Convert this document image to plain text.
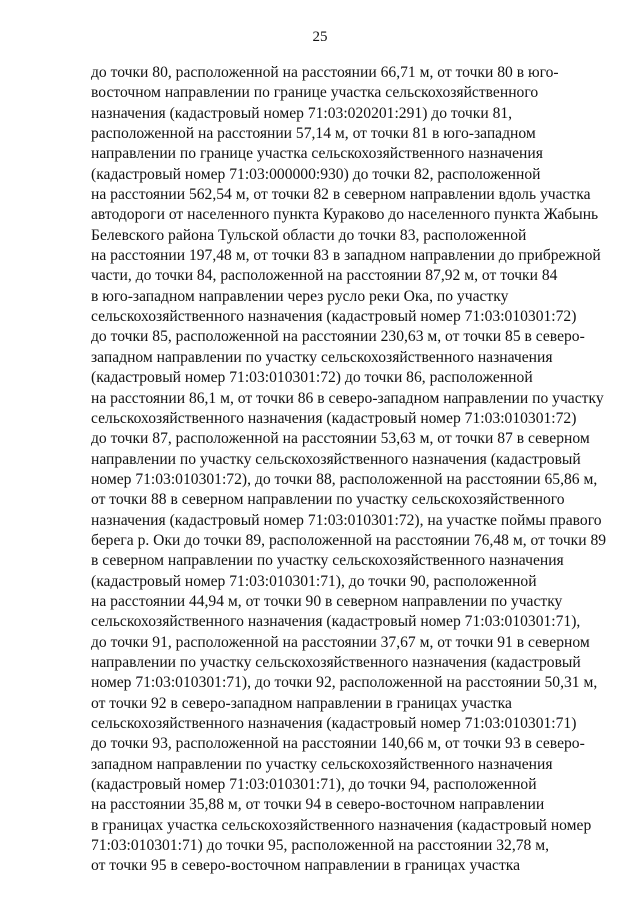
25
до точки 80, расположенной на расстоянии 66,71 м, от точки 80 в юго-
восточном направлении по границе участка сельскохозяйственного
назначения (кадастровый номер 71:03:020201:291) до точки 81,
расположенной на расстоянии 57,14 м, от точки 81 в юго-западном
направлении по границе участка сельскохозяйственного назначения
(кадастровый номер 71:03:000000:930) до точки 82, расположенной
на расстоянии 562,54 м, от точки 82 в северном направлении вдоль участка
автодороги от населенного пункта Кураково до населенного пункта Жабынь
Белевского района Тульской области до точки 83, расположенной
на расстоянии 197,48 м, от точки 83 в западном направлении до прибрежной
части, до точки 84, расположенной на расстоянии 87,92 м, от точки 84
в юго-западном направлении через русло реки Ока, по участку
сельскохозяйственного назначения (кадастровый номер 71:03:010301:72)
до точки 85, расположенной на расстоянии 230,63 м, от точки 85 в северо-
западном направлении по участку сельскохозяйственного назначения
(кадастровый номер 71:03:010301:72) до точки 86, расположенной
на расстоянии 86,1 м, от точки 86 в северо-западном направлении по участку
сельскохозяйственного назначения (кадастровый номер 71:03:010301:72)
до точки 87, расположенной на расстоянии 53,63 м, от точки 87 в северном
направлении по участку сельскохозяйственного назначения (кадастровый
номер 71:03:010301:72), до точки 88, расположенной на расстоянии 65,86 м,
от точки 88 в северном направлении по участку сельскохозяйственного
назначения (кадастровый номер 71:03:010301:72), на участке поймы правого
берега р. Оки до точки 89, расположенной на расстоянии 76,48 м, от точки 89
в северном направлении по участку сельскохозяйственного назначения
(кадастровый номер 71:03:010301:71), до точки 90, расположенной
на расстоянии 44,94 м, от точки 90 в северном направлении по участку
сельскохозяйственного назначения (кадастровый номер 71:03:010301:71),
до точки 91, расположенной на расстоянии 37,67 м, от точки 91 в северном
направлении по участку сельскохозяйственного назначения (кадастровый
номер 71:03:010301:71), до точки 92, расположенной на расстоянии 50,31 м,
от точки 92 в северо-западном направлении в границах участка
сельскохозяйственного назначения (кадастровый номер 71:03:010301:71)
до точки 93, расположенной на расстоянии 140,66 м, от точки 93 в северо-
западном направлении по участку сельскохозяйственного назначения
(кадастровый номер 71:03:010301:71), до точки 94, расположенной
на расстоянии 35,88 м, от точки 94 в северо-восточном направлении
в границах участка сельскохозяйственного назначения (кадастровый номер
71:03:010301:71) до точки 95, расположенной на расстоянии 32,78 м,
от точки 95 в северо-восточном направлении в границах участка
